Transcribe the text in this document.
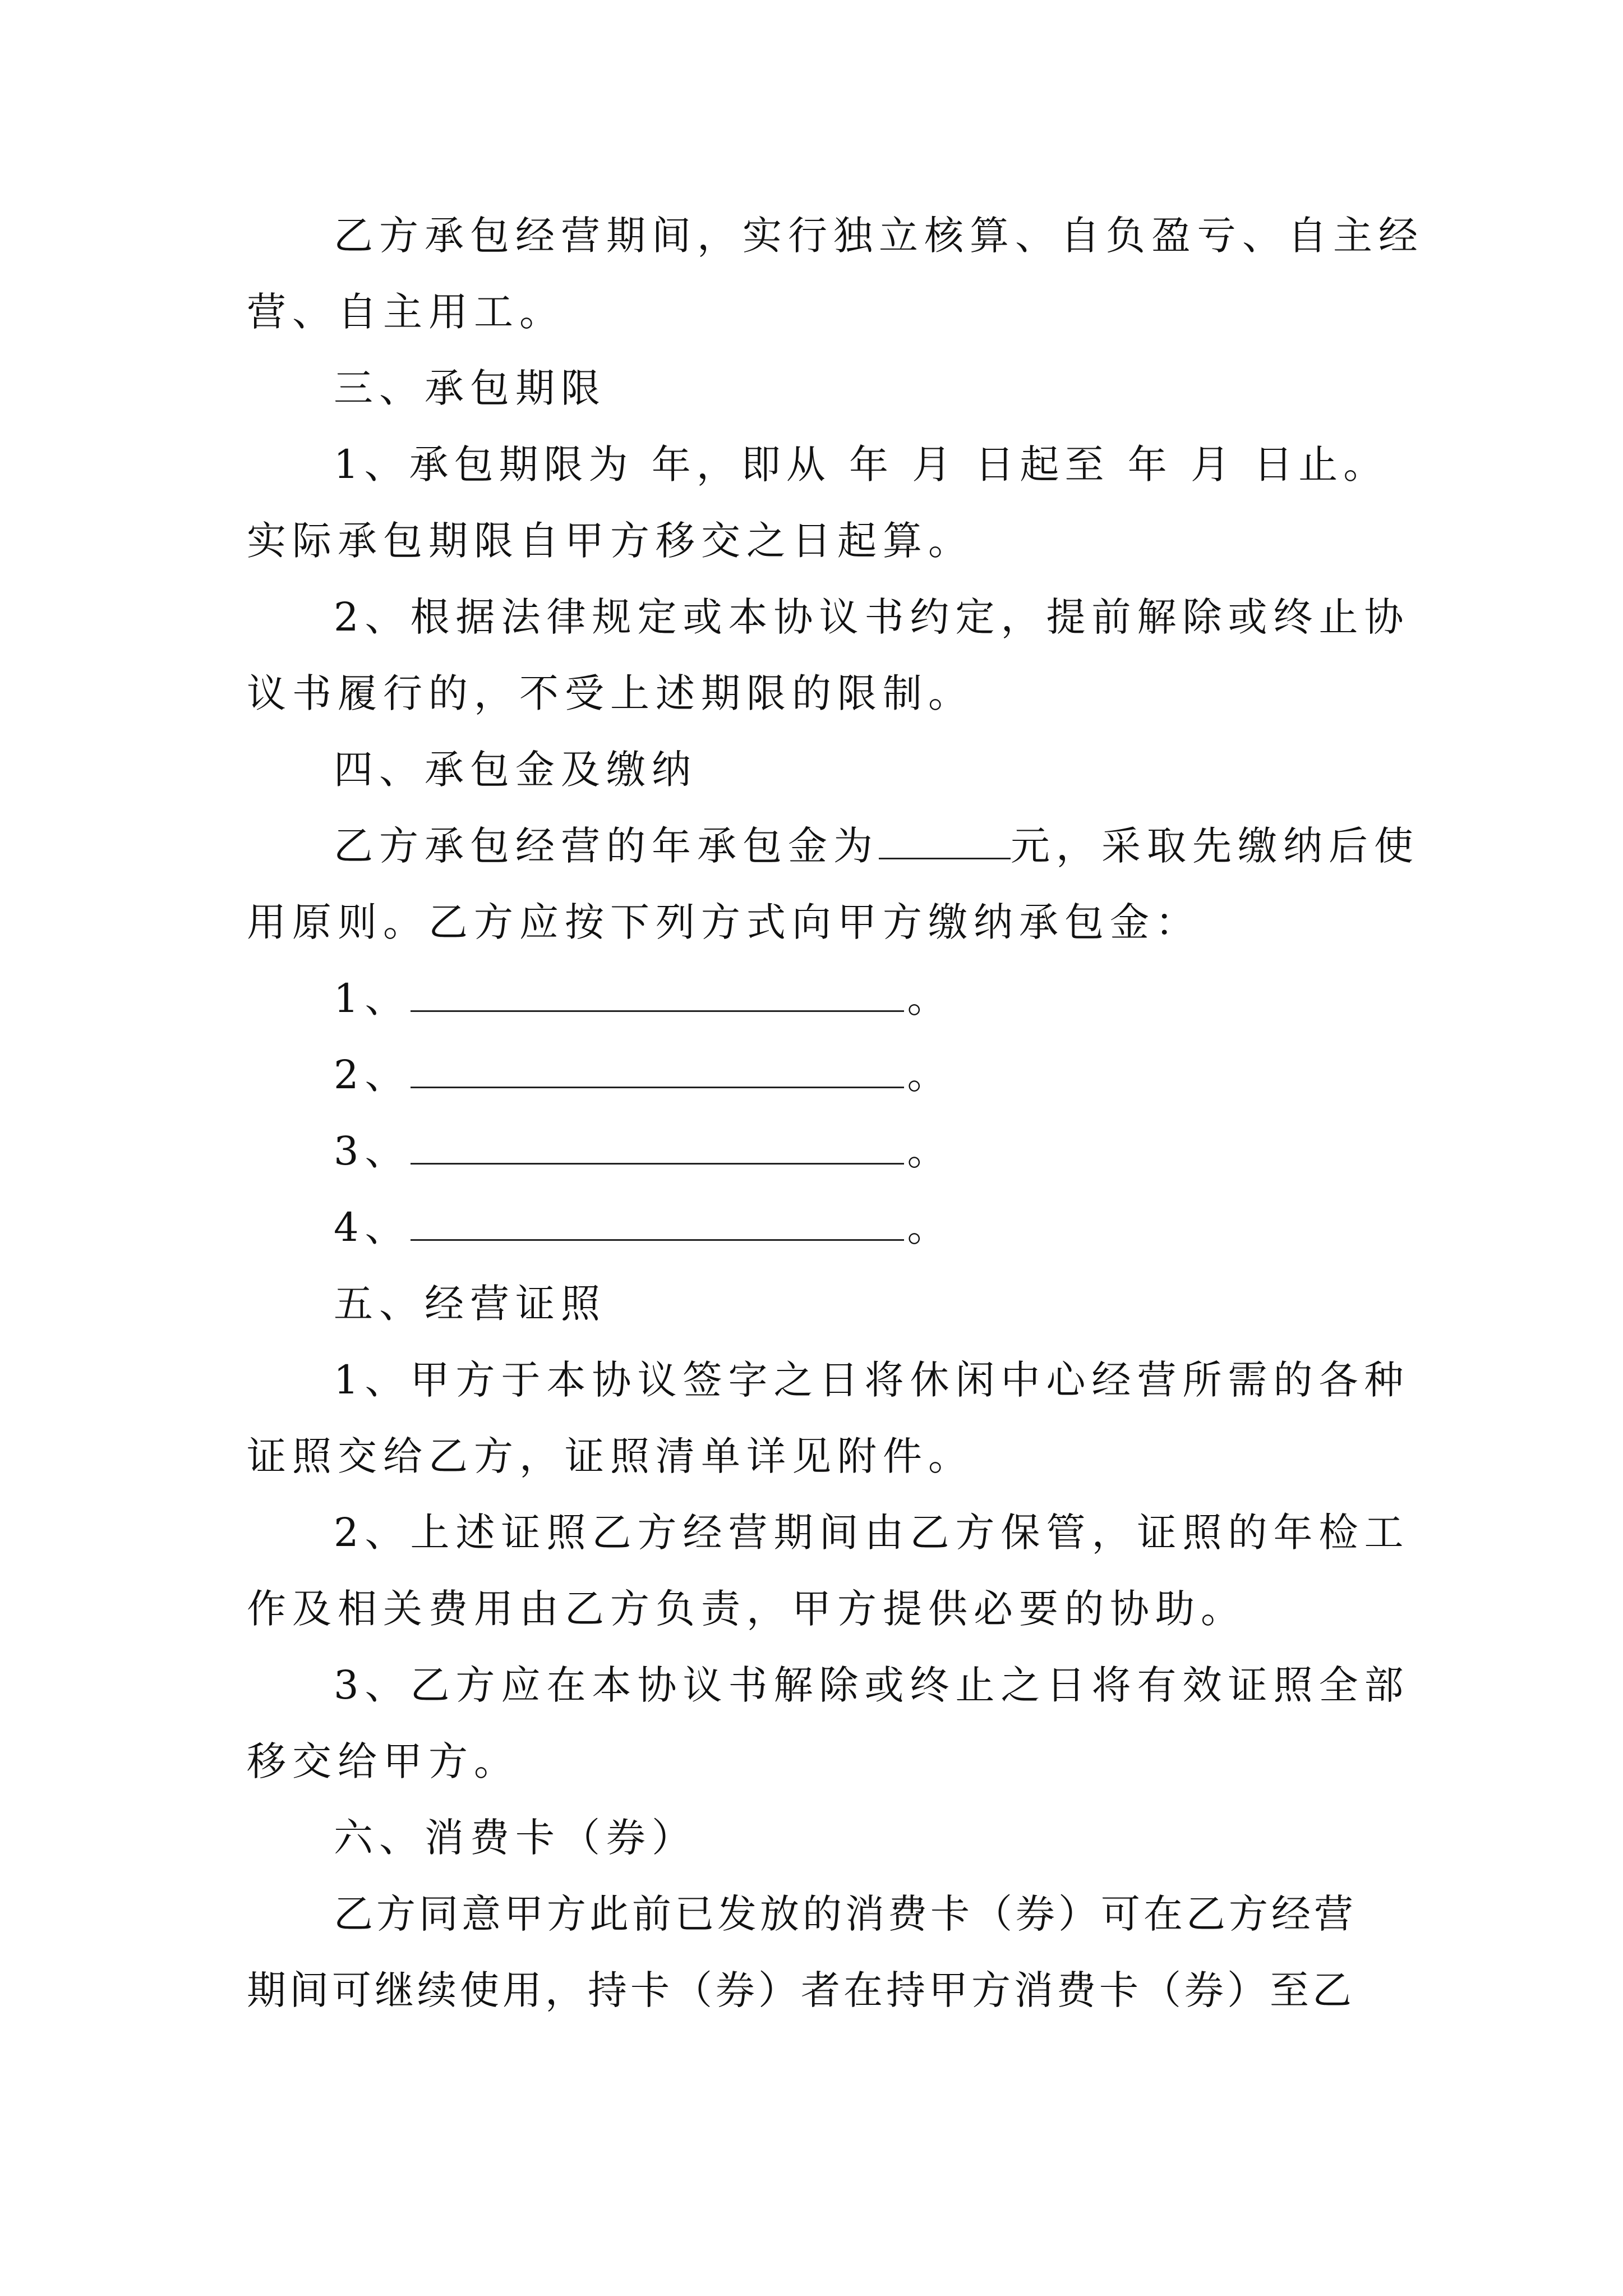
乙方承包经营期间，实行独立核算、自负盈亏、自主经
营、自主用工。
三、承包期限
1、承包期限为 年，即从 年 月 日起至 年 月 日止。
实际承包期限自甲方移交之日起算。
2、根据法律规定或本协议书约定，提前解除或终止协
议书履行的，不受上述期限的限制。
四、承包金及缴纳
乙方承包经营的年承包金为	元，采取先缴纳后使
用原则。乙方应按下列方式向甲方缴纳承包金：
1、	。
2、	。
3、	。
4、	。
五、经营证照
1、甲方于本协议签字之日将休闲中心经营所需的各种
证照交给乙方，证照清单详见附件。
2、上述证照乙方经营期间由乙方保管，证照的年检工
作及相关费用由乙方负责，甲方提供必要的协助。
3、乙方应在本协议书解除或终止之日将有效证照全部
移交给甲方。
六、消费卡（券）
乙方同意甲方此前已发放的消费卡（券）可在乙方经营
期间可继续使用，持卡（券）者在持甲方消费卡（券）至乙
